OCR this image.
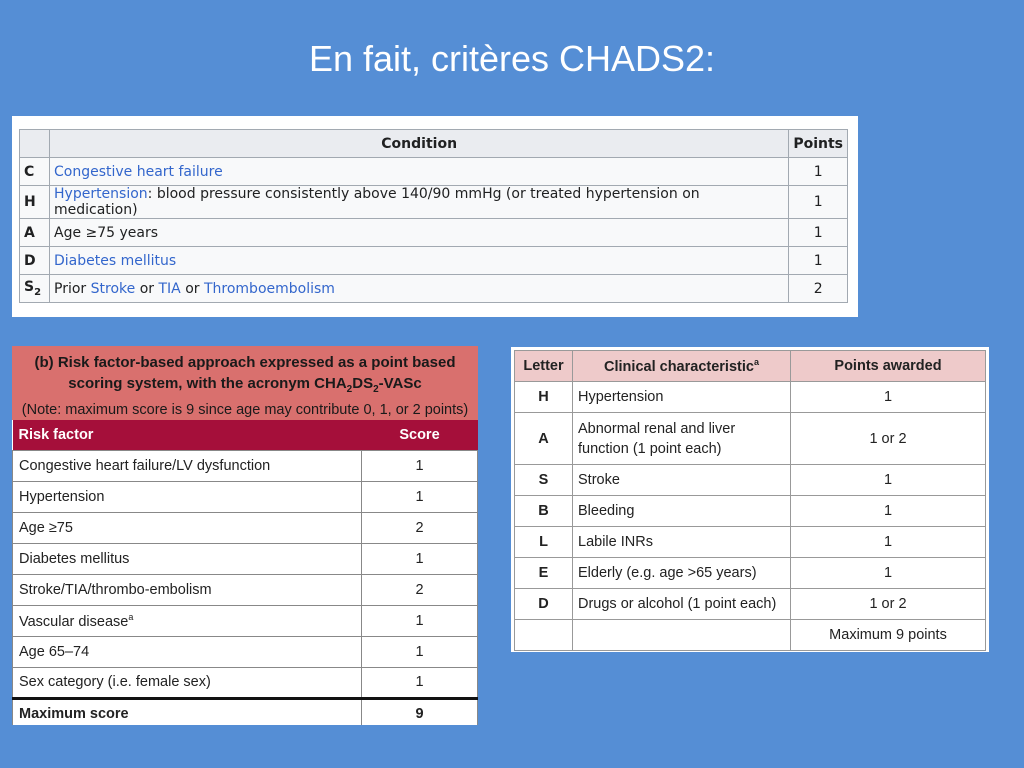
En fait, critères CHADS2:
	Condition	Points
C	Congestive heart failure	1
H	Hypertension: blood pressure consistently above 140/90 mmHg (or treated hypertension on medication)	1
A	Age ≥75 years	1
D	Diabetes mellitus	1
$S_2$	Prior Stroke or TIA or Thromboembolism	2
(b) Risk factor-based approach expressed as a point based
scoring system, with the acronym $CHA_2DS_2$-VASc
(Note: maximum score is 9 since age may contribute 0, 1, or 2 points)
Risk factor	Score
Congestive heart failure/LV dysfunction	1
Hypertension	1
Age ≥75	2
Diabetes mellitus	1
Stroke/TIA/thrombo-embolism	2
Vascular disease$^a$	1
Age 65–74	1
Sex category (i.e. female sex)	1
Maximum score	9
Letter	Clinical characteristic$^a$	Points awarded
H	Hypertension	1
A	Abnormal renal and liver function (1 point each)	1 or 2
S	Stroke	1
B	Bleeding	1
L	Labile INRs	1
E	Elderly (e.g. age >65 years)	1
D	Drugs or alcohol (1 point each)	1 or 2
		Maximum 9 points
